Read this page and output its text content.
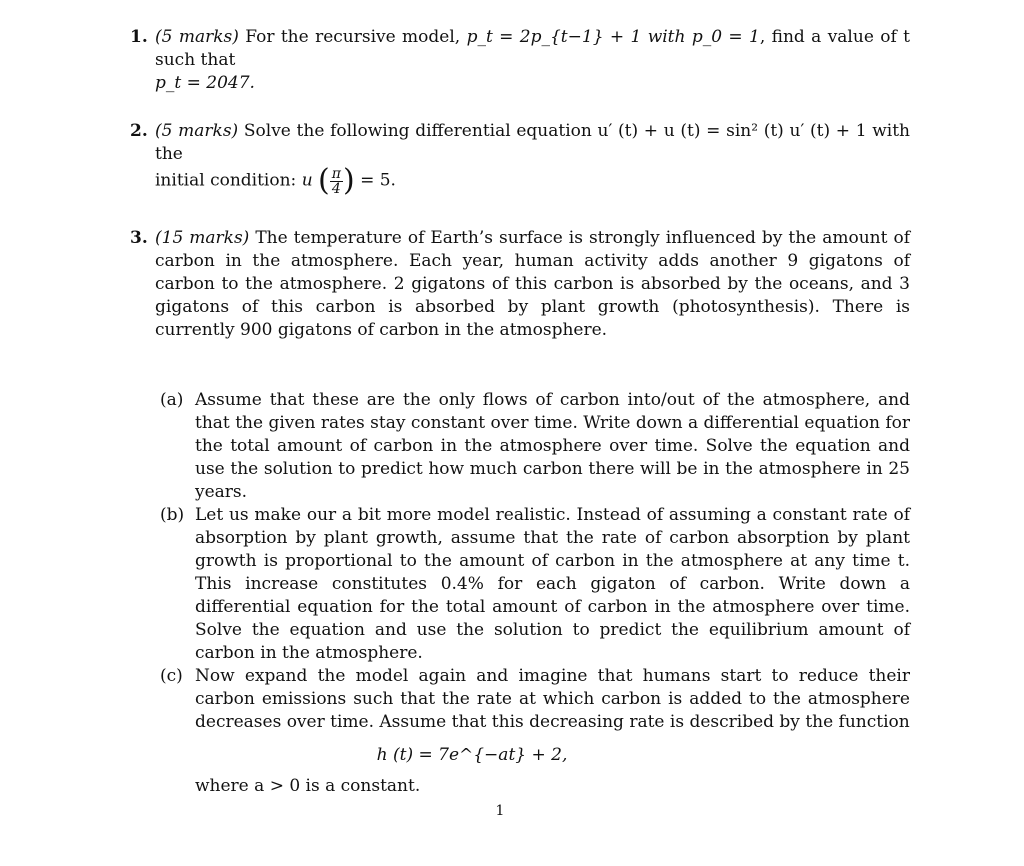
1. (5 marks) For the recursive model, p_t = 2p_{t−1} + 1 with p_0 = 1, find a value of t such that
p_t = 2047.
2. (5 marks) Solve the following differential equation u′ (t) + u (t) = sin² (t) u′ (t) + 1 with the
initial condition: u ( $\frac{\pi}{4}$ ) = 5.
3. (15 marks) The temperature of Earth’s surface is strongly influenced by the amount of carbon in the atmosphere. Each year, human activity adds another 9 gigatons of carbon to the atmosphere. 2 gigatons of this carbon is absorbed by the oceans, and 3 gigatons of this carbon is absorbed by plant growth (photosynthesis). There is currently 900 gigatons of carbon in the atmosphere.
(a) Assume that these are the only flows of carbon into/out of the atmosphere, and that the given rates stay constant over time. Write down a differential equation for the total amount of carbon in the atmosphere over time. Solve the equation and use the solution to predict how much carbon there will be in the atmosphere in 25 years.
(b) Let us make our a bit more model realistic. Instead of assuming a constant rate of absorption by plant growth, assume that the rate of carbon absorption by plant growth is proportional to the amount of carbon in the atmosphere at any time t. This increase constitutes 0.4% for each gigaton of carbon. Write down a differential equation for the total amount of carbon in the atmosphere over time. Solve the equation and use the solution to predict the equilibrium amount of carbon in the atmosphere.
(c) Now expand the model again and imagine that humans start to reduce their carbon emissions such that the rate at which carbon is added to the atmosphere decreases over time. Assume that this decreasing rate is described by the function
h (t) = 7e^{−at} + 2,
where a > 0 is a constant.
1
